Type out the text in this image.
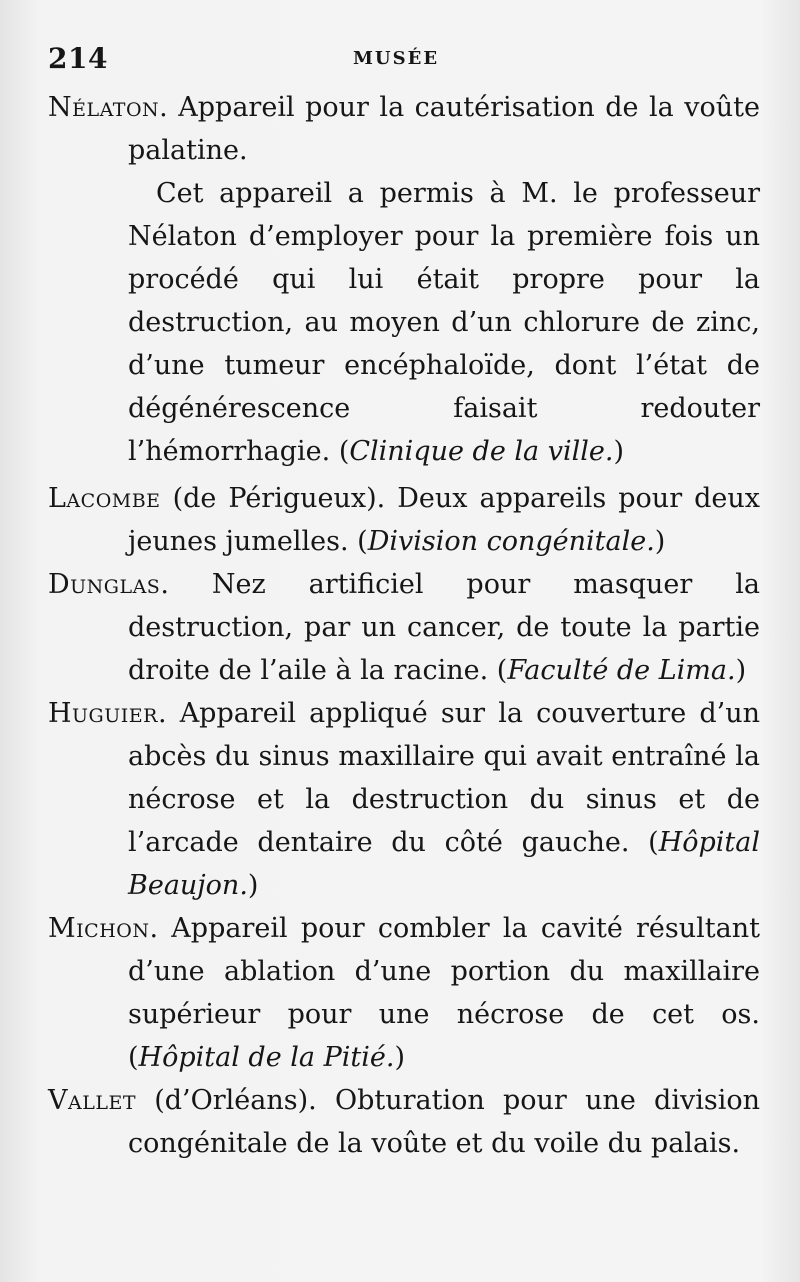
214	MUSÉE

Nélaton. Appareil pour la cautérisation de la voûte palatine.

Cet appareil a permis à M. le professeur Nélaton d’employer pour la première fois un procédé qui lui était propre pour la destruction, au moyen d’un chlorure de zinc, d’une tumeur encéphaloïde, dont l’état de dégénérescence faisait redouter l’hémorrhagie. (Clinique de la ville.)

Lacombe (de Périgueux). Deux appareils pour deux jeunes jumelles. (Division congénitale.)

Dunglas. Nez artificiel pour masquer la destruction, par un cancer, de toute la partie droite de l’aile à la racine. (Faculté de Lima.)

Huguier. Appareil appliqué sur la couverture d’un abcès du sinus maxillaire qui avait entraîné la nécrose et la destruction du sinus et de l’arcade dentaire du côté gauche. (Hôpital Beaujon.)

Michon. Appareil pour combler la cavité résultant d’une ablation d’une portion du maxillaire supérieur pour une nécrose de cet os. (Hôpital de la Pitié.)

Vallet (d’Orléans). Obturation pour une division congénitale de la voûte et du voile du palais.
